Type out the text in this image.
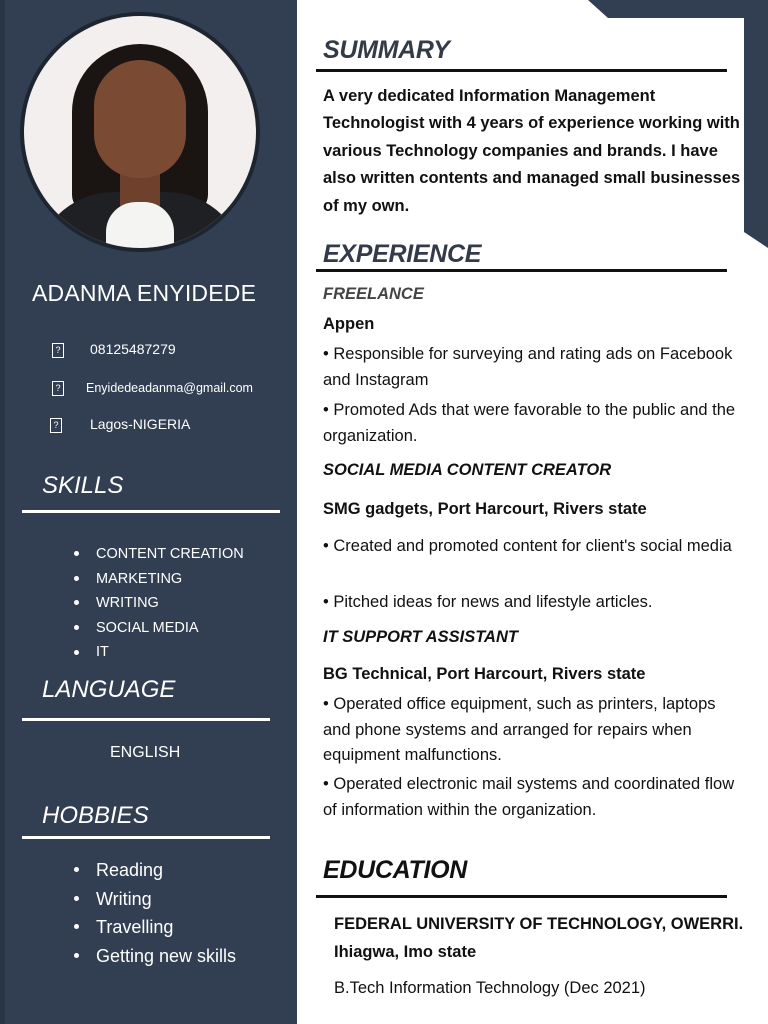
ADANMA ENYIDEDE
? 08125487279
? Enyidedeadanma@gmail.com
? Lagos-NIGERIA
SKILLS
CONTENT CREATION
MARKETING
WRITING
SOCIAL MEDIA
IT
LANGUAGE
ENGLISH
HOBBIES
Reading
Writing
Travelling
Getting new skills
SUMMARY
A very dedicated Information Management Technologist with 4 years of experience working with various Technology companies and brands. I have also written contents and managed small businesses of my own.
EXPERIENCE
FREELANCE
Appen
• Responsible for surveying and rating ads on Facebook and Instagram
• Promoted Ads that were favorable to the public and the organization.
SOCIAL MEDIA CONTENT CREATOR
SMG gadgets, Port Harcourt, Rivers state
• Created and promoted content for client's social media
• Pitched ideas for news and lifestyle articles.
IT SUPPORT ASSISTANT
BG Technical, Port Harcourt, Rivers state
• Operated office equipment, such as printers, laptops and phone systems and arranged for repairs when equipment malfunctions.
• Operated electronic mail systems and coordinated flow of information within the organization.
EDUCATION
FEDERAL UNIVERSITY OF TECHNOLOGY, OWERRI.
Ihiagwa, Imo state
B.Tech Information Technology (Dec 2021)
